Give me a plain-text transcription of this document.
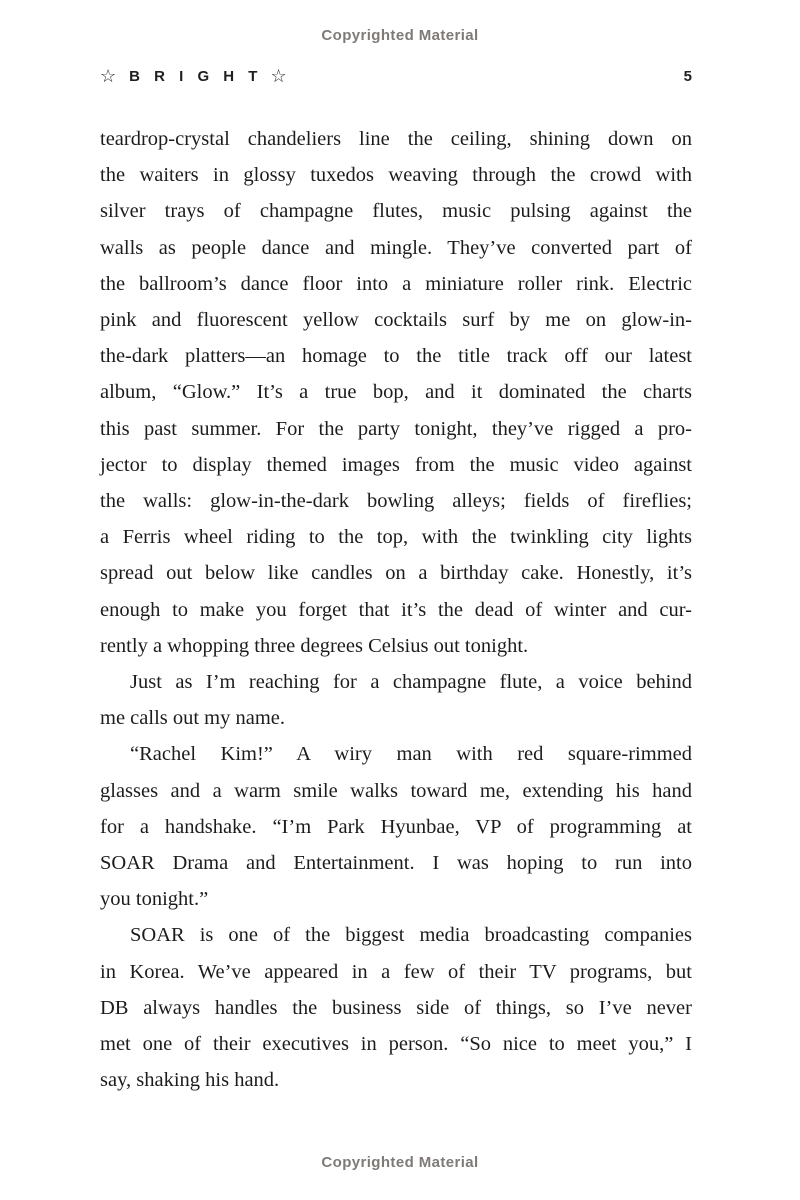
Copyrighted Material
☆ B R I G H T ☆	5
teardrop-crystal chandeliers line the ceiling, shining down on
the waiters in glossy tuxedos weaving through the crowd with
silver trays of champagne flutes, music pulsing against the
walls as people dance and mingle. They’ve converted part of
the ballroom’s dance floor into a miniature roller rink. Electric
pink and fluorescent yellow cocktails surf by me on glow-in-
the-dark platters—an homage to the title track off our latest
album, “Glow.” It’s a true bop, and it dominated the charts
this past summer. For the party tonight, they’ve rigged a pro-
jector to display themed images from the music video against
the walls: glow-in-the-dark bowling alleys; fields of fireflies;
a Ferris wheel riding to the top, with the twinkling city lights
spread out below like candles on a birthday cake. Honestly, it’s
enough to make you forget that it’s the dead of winter and cur-
rently a whopping three degrees Celsius out tonight.
Just as I’m reaching for a champagne flute, a voice behind
me calls out my name.
“Rachel Kim!” A wiry man with red square-rimmed
glasses and a warm smile walks toward me, extending his hand
for a handshake. “I’m Park Hyunbae, VP of programming at
SOAR Drama and Entertainment. I was hoping to run into
you tonight.”
SOAR is one of the biggest media broadcasting companies
in Korea. We’ve appeared in a few of their TV programs, but
DB always handles the business side of things, so I’ve never
met one of their executives in person. “So nice to meet you,” I
say, shaking his hand.
Copyrighted Material
